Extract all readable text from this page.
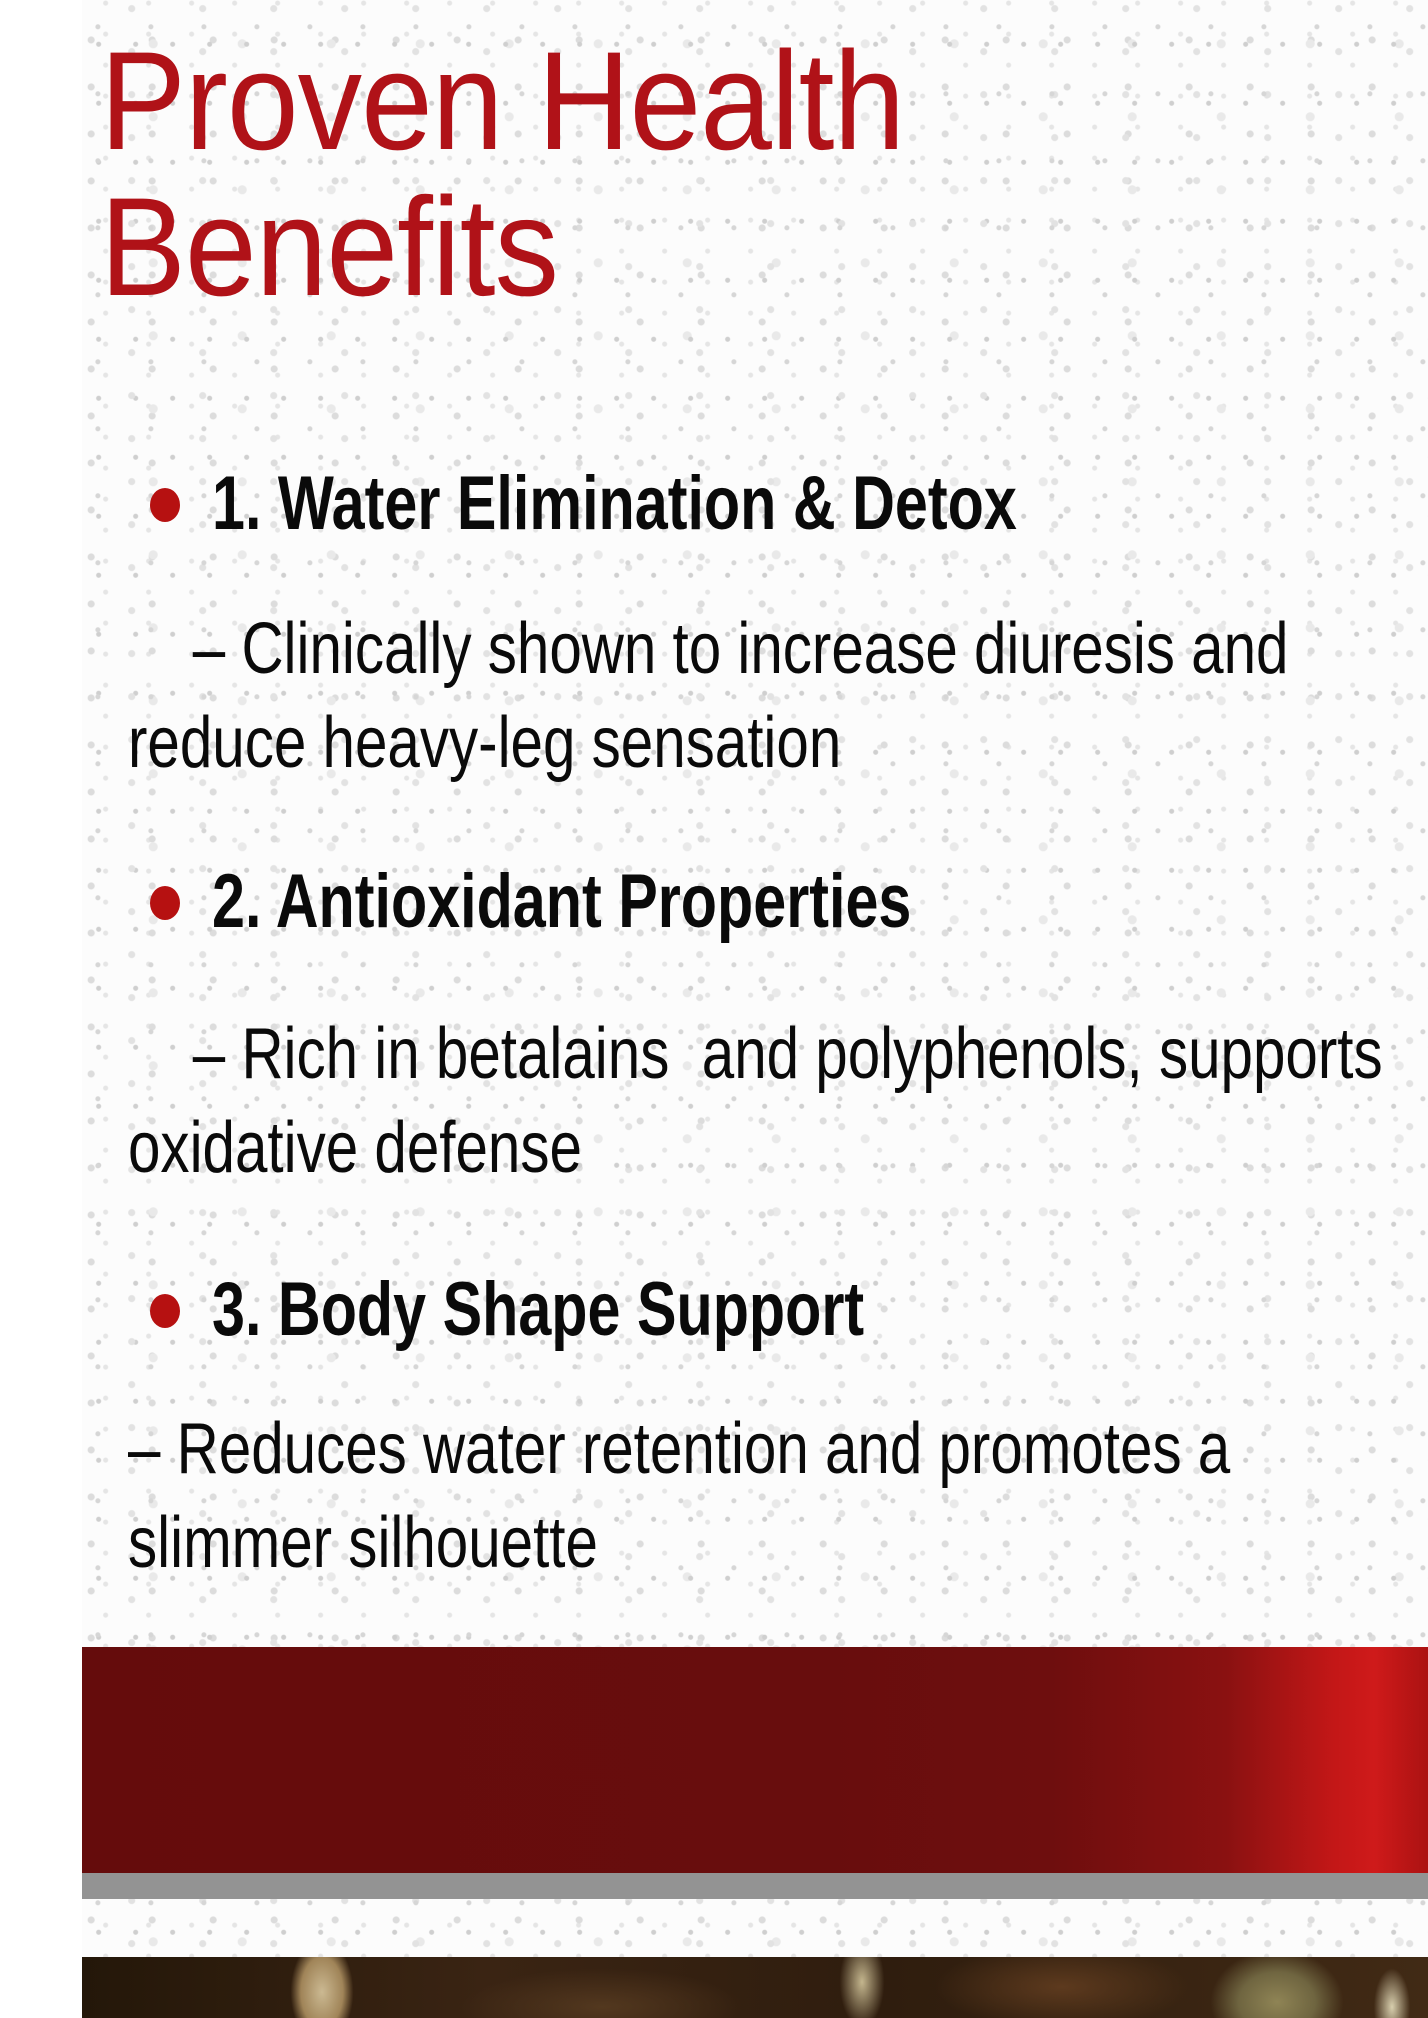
Proven Health Benefits

1. Water Elimination & Detox

– Clinically shown to increase diuresis and reduce heavy-leg sensation

2. Antioxidant Properties

– Rich in betalains  and polyphenols, supports oxidative defense

3. Body Shape Support

– Reduces water retention and promotes a slimmer silhouette
